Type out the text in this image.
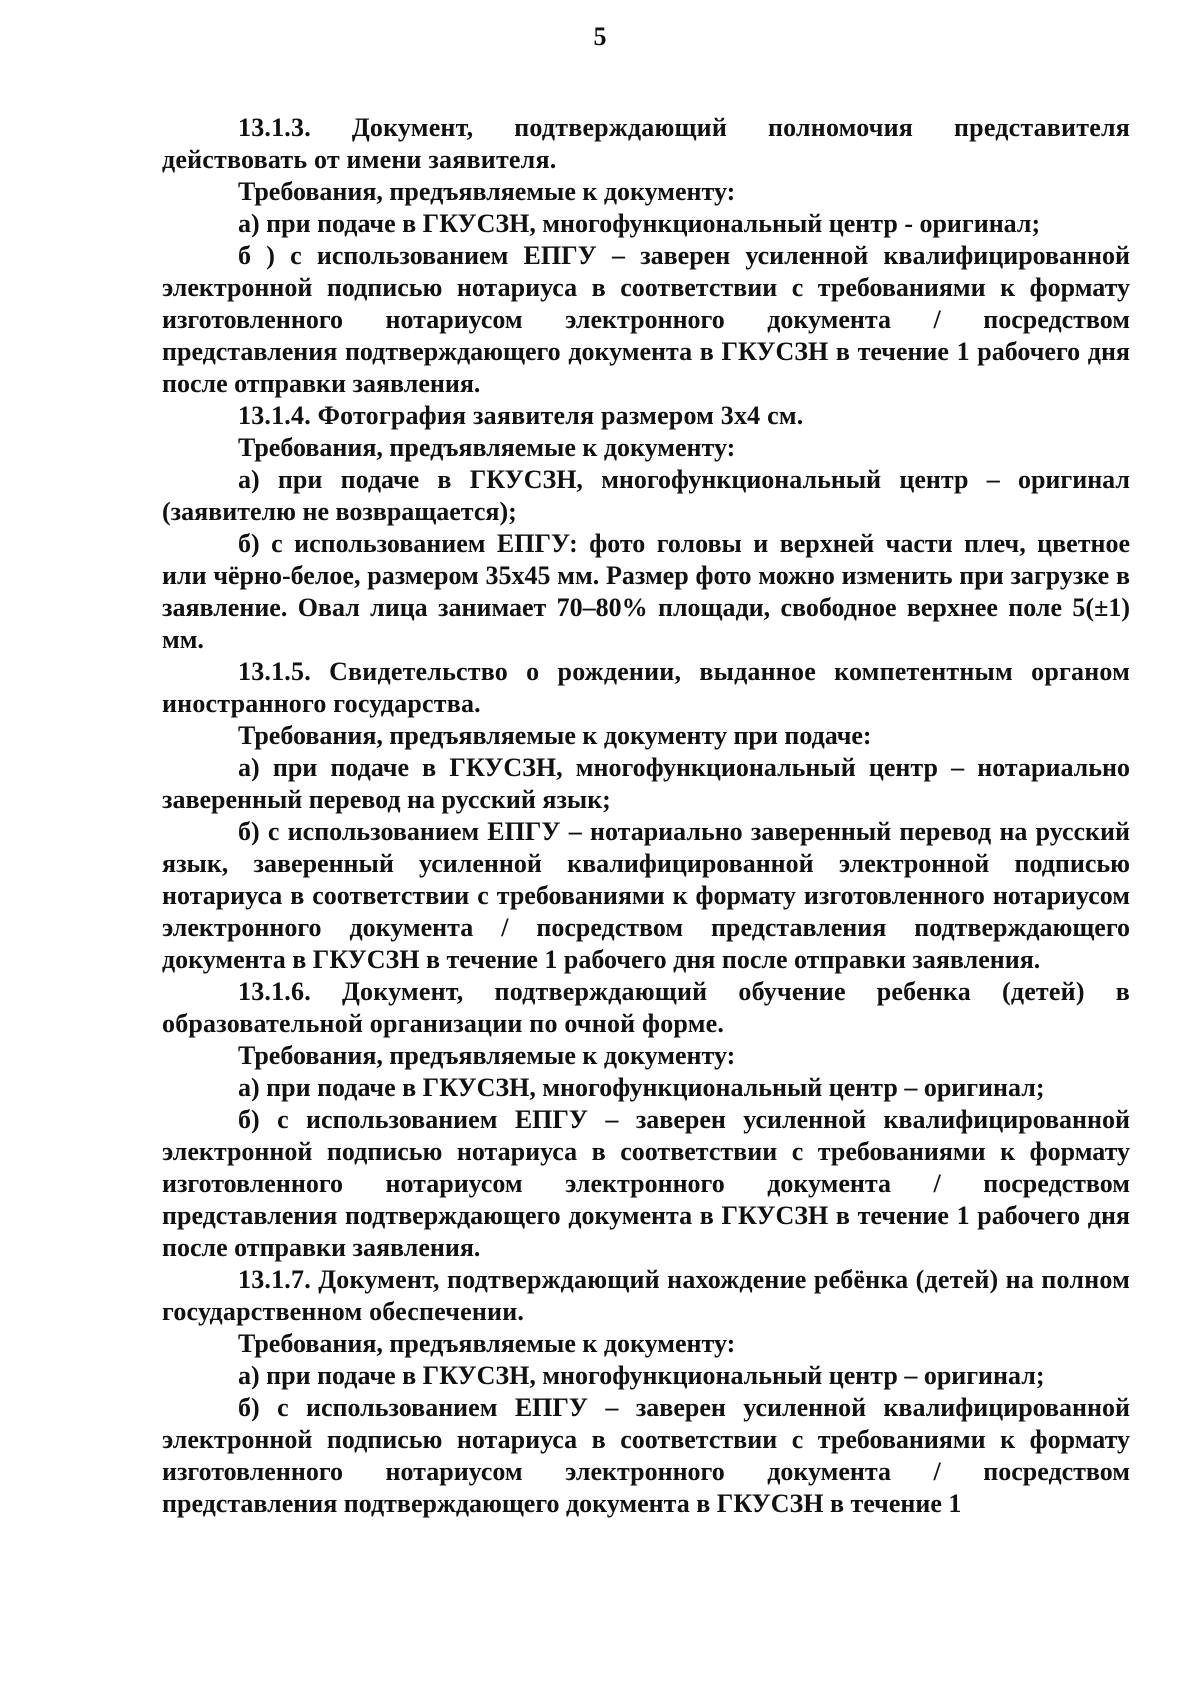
5

13.1.3. Документ, подтверждающий полномочия представителя действовать от имени заявителя.

Требования, предъявляемые к документу:

а) при подаче в ГКУСЗН, многофункциональный центр - оригинал;

б ) с использованием ЕПГУ – заверен усиленной квалифицированной электронной подписью нотариуса в соответствии с требованиями к формату изготовленного нотариусом электронного документа / посредством представления подтверждающего документа в ГКУСЗН в течение 1 рабочего дня после отправки заявления.

13.1.4. Фотография заявителя размером 3х4 см.

Требования, предъявляемые к документу:

а) при подаче в ГКУСЗН, многофункциональный центр – оригинал (заявителю не возвращается);

б) с использованием ЕПГУ: фото головы и верхней части плеч, цветное или чёрно-белое, размером 35х45 мм. Размер фото можно изменить при загрузке в заявление. Овал лица занимает 70–80% площади, свободное верхнее поле 5(±1) мм.

13.1.5. Свидетельство о рождении, выданное компетентным органом иностранного государства.

Требования, предъявляемые к документу при подаче:

а) при подаче в ГКУСЗН, многофункциональный центр – нотариально заверенный перевод на русский язык;

б) с использованием ЕПГУ – нотариально заверенный перевод на русский язык, заверенный усиленной квалифицированной электронной подписью нотариуса в соответствии с требованиями к формату изготовленного нотариусом электронного документа / посредством представления подтверждающего документа в ГКУСЗН в течение 1 рабочего дня после отправки заявления.

13.1.6. Документ, подтверждающий обучение ребенка (детей) в образовательной организации по очной форме.

Требования, предъявляемые к документу:

а) при подаче в ГКУСЗН, многофункциональный центр – оригинал;

б) с использованием ЕПГУ – заверен усиленной квалифицированной электронной подписью нотариуса в соответствии с требованиями к формату изготовленного нотариусом электронного документа / посредством представления подтверждающего документа в ГКУСЗН в течение 1 рабочего дня после отправки заявления.

13.1.7. Документ, подтверждающий нахождение ребёнка (детей) на полном государственном обеспечении.

Требования, предъявляемые к документу:

а) при подаче в ГКУСЗН, многофункциональный центр – оригинал;

б) с использованием ЕПГУ – заверен усиленной квалифицированной электронной подписью нотариуса в соответствии с требованиями к формату изготовленного нотариусом электронного документа / посредством представления подтверждающего документа в ГКУСЗН в течение 1
